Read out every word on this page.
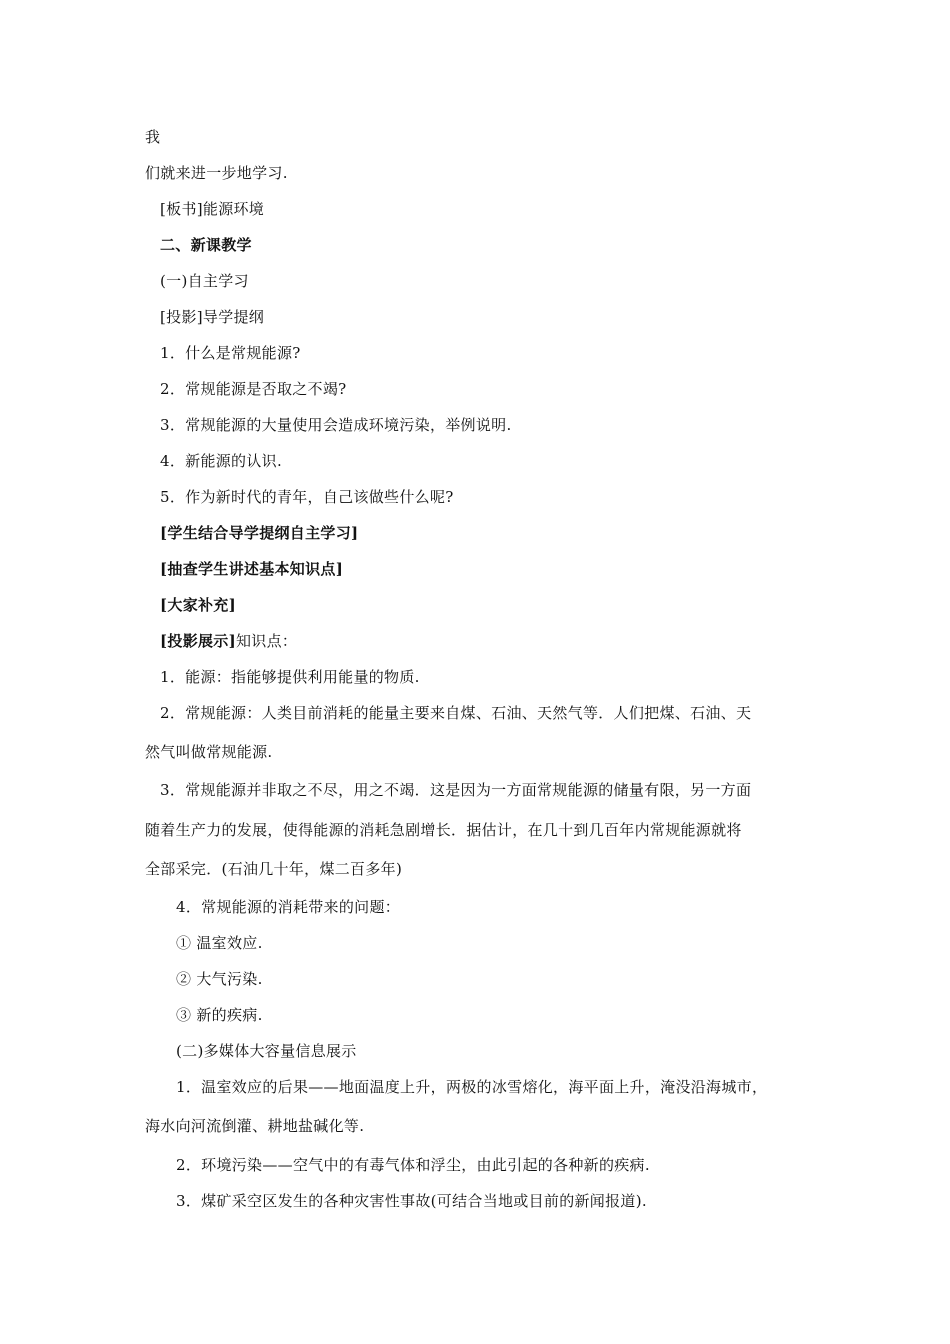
我
们就来进一步地学习.
[板书]能源环境
二、新课教学
(一)自主学习
[投影]导学提纲
1．什么是常规能源?
2．常规能源是否取之不竭?
3．常规能源的大量使用会造成环境污染，举例说明.
4．新能源的认识.
5．作为新时代的青年，自己该做些什么呢?
[学生结合导学提纲自主学习]
[抽查学生讲述基本知识点]
[大家补充]
[投影展示]知识点：
1．能源：指能够提供利用能量的物质.
2．常规能源：人类目前消耗的能量主要来自煤、石油、天然气等．人们把煤、石油、天
然气叫做常规能源.
3．常规能源并非取之不尽，用之不竭．这是因为一方面常规能源的储量有限，另一方面
随着生产力的发展，使得能源的消耗急剧增长．据估计，在几十到几百年内常规能源就将
全部采完．(石油几十年，煤二百多年)
4．常规能源的消耗带来的问题：
① 温室效应.
② 大气污染.
③ 新的疾病.
(二)多媒体大容量信息展示
1．温室效应的后果——地面温度上升，两极的冰雪熔化，海平面上升，淹没沿海城市，
海水向河流倒灌、耕地盐碱化等.
2．环境污染——空气中的有毒气体和浮尘，由此引起的各种新的疾病.
3．煤矿采空区发生的各种灾害性事故(可结合当地或目前的新闻报道).
